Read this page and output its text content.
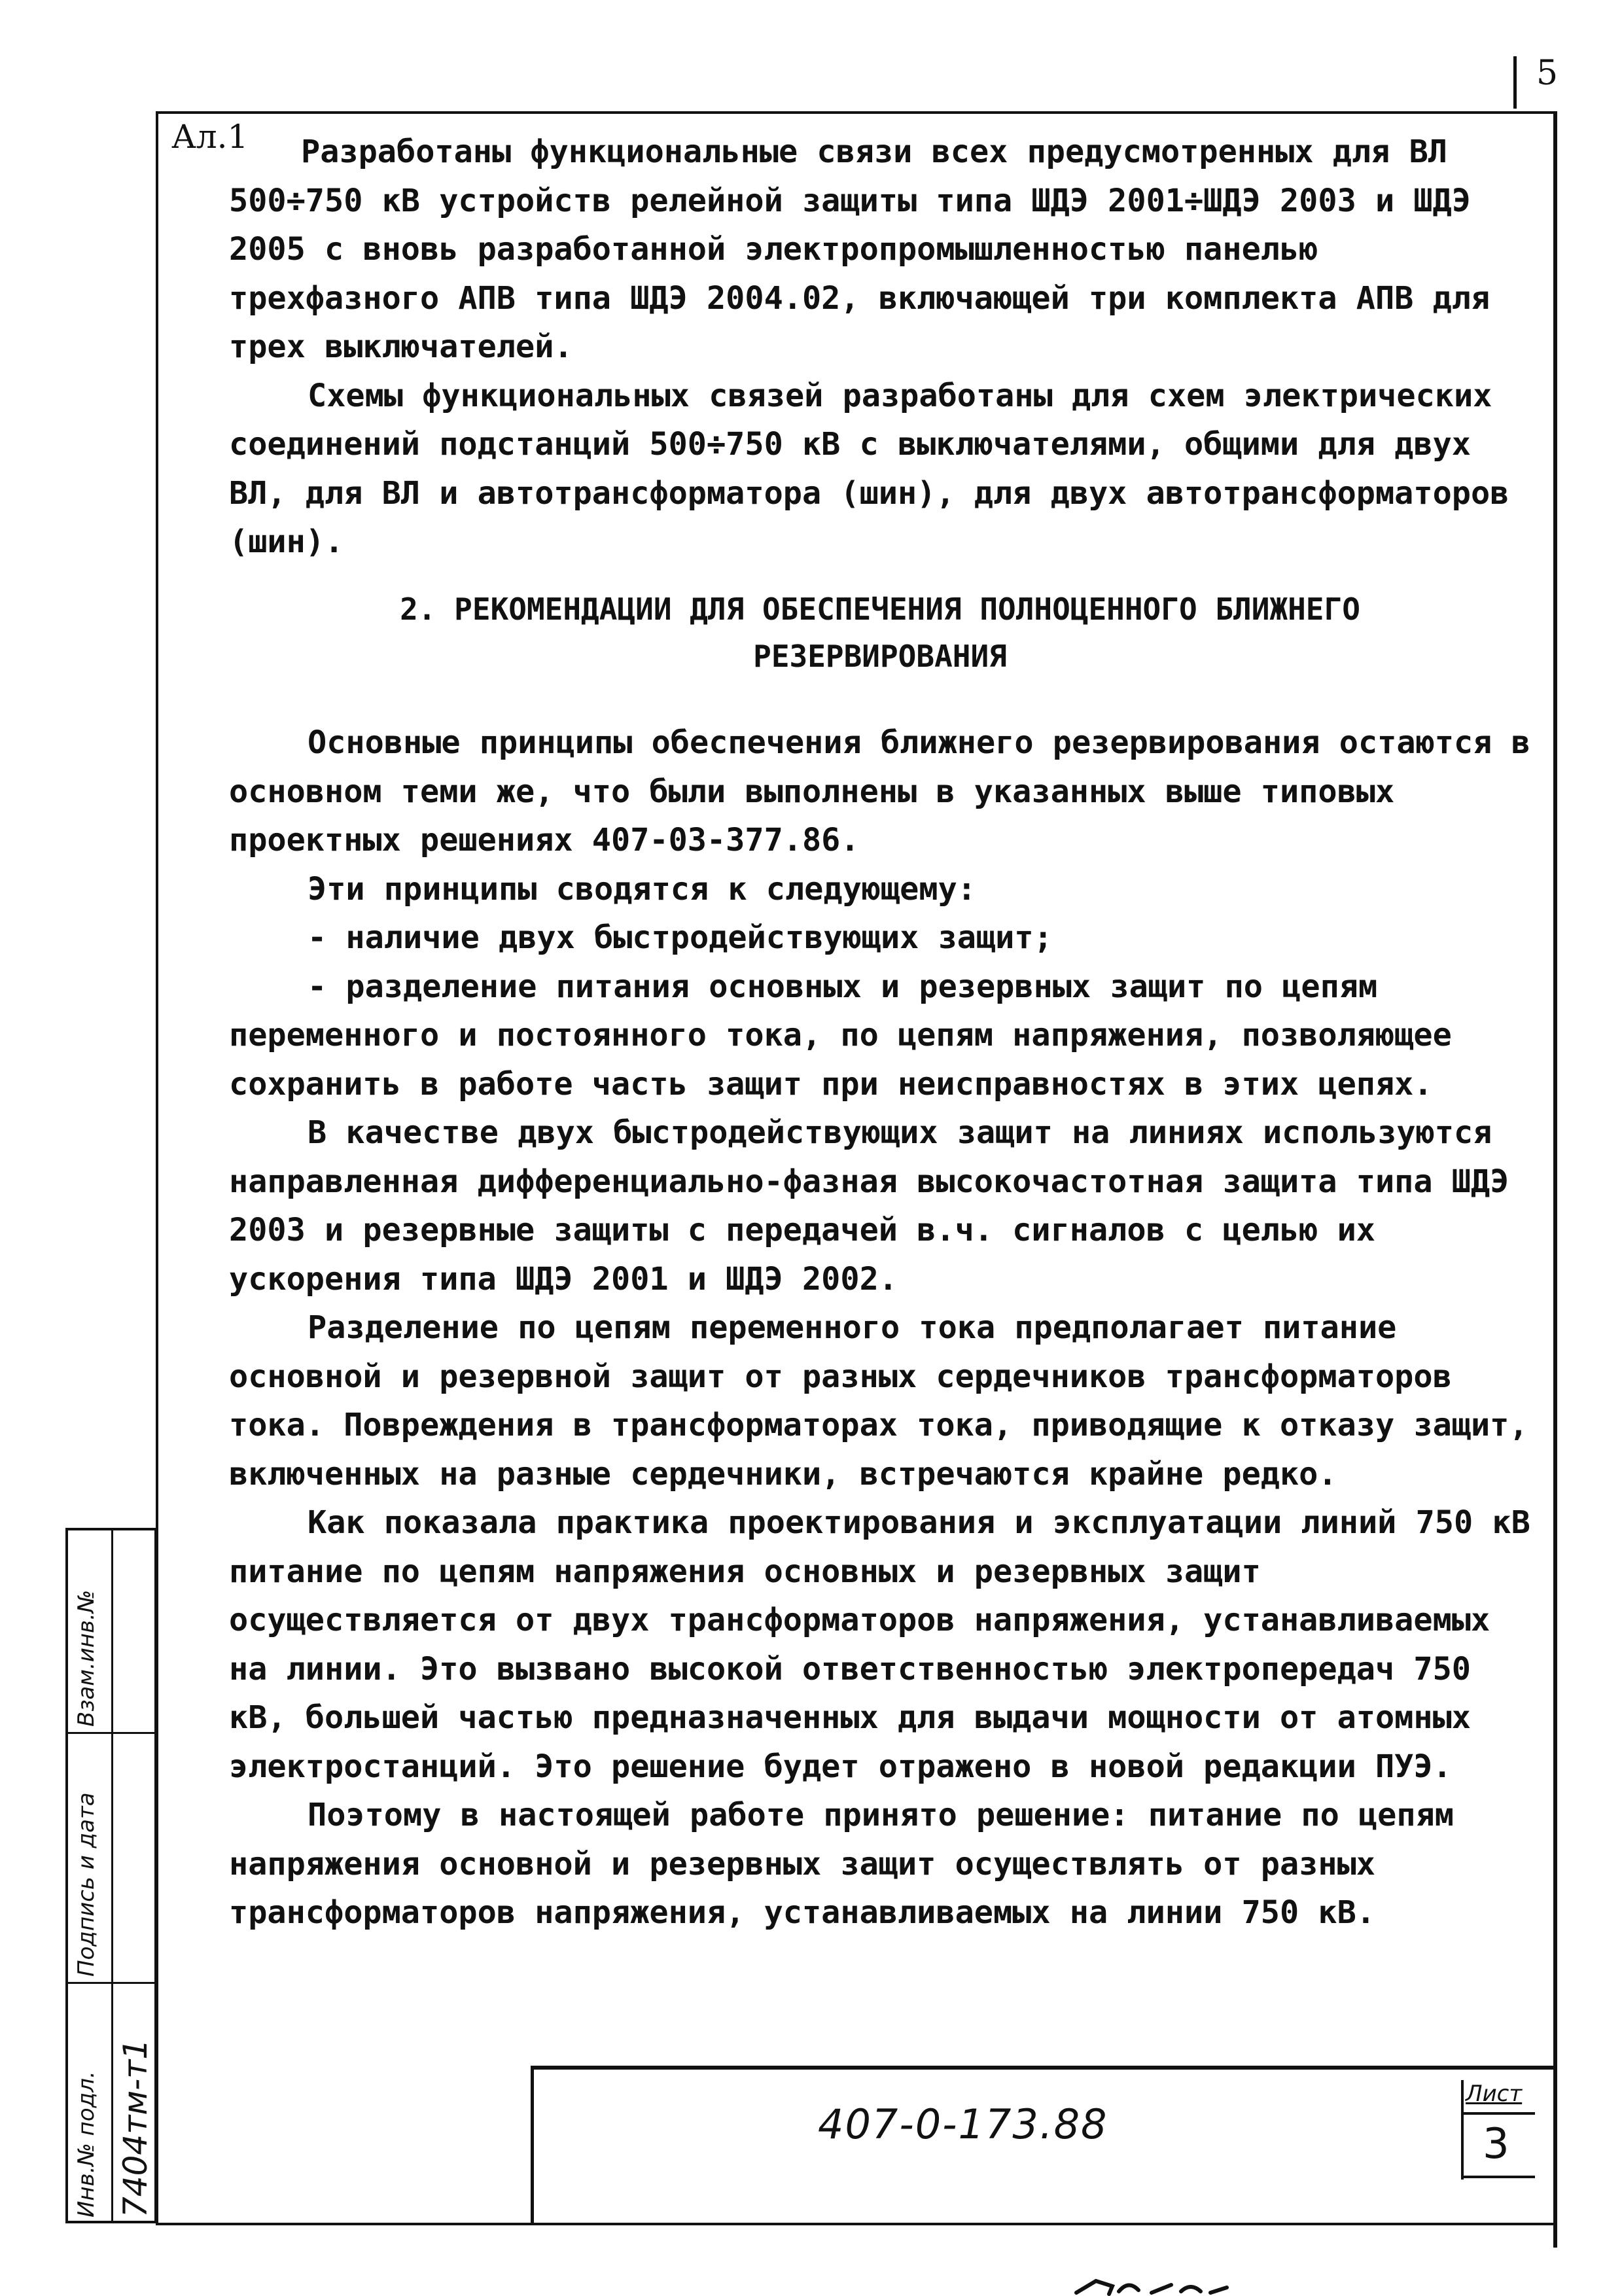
5
Ал.1	Разработаны функциональные связи всех предусмотренных для ВЛ 500÷750 кВ устройств релейной защиты типа ШДЭ 2001÷ШДЭ 2003 и ШДЭ 2005 с вновь разработанной электропромышленностью панелью трехфазного АПВ типа ШДЭ 2004.02, включающей три комплекта АПВ для трех выключателей.

Схемы функциональных связей разработаны для схем электрических соединений подстанций 500÷750 кВ с выключателями, общими для двух ВЛ, для ВЛ и автотрансформатора (шин), для двух автотрансформаторов (шин).

2. РЕКОМЕНДАЦИИ ДЛЯ ОБЕСПЕЧЕНИЯ ПОЛНОЦЕННОГО БЛИЖНЕГО
РЕЗЕРВИРОВАНИЯ

Основные принципы обеспечения ближнего резервирования остаются в основном теми же, что были выполнены в указанных выше типовых проектных решениях 407-03-377.86.

Эти принципы сводятся к следующему:

- наличие двух быстродействующих защит;

- разделение питания основных и резервных защит по цепям переменного и постоянного тока, по цепям напряжения, позволяющее сохранить в работе часть защит при неисправностях в этих цепях.

В качестве двух быстродействующих защит на линиях используются направленная дифференциально-фазная высокочастотная защита типа ШДЭ 2003 и резервные защиты с передачей в.ч. сигналов с целью их ускорения типа ШДЭ 2001 и ШДЭ 2002.

Разделение по цепям переменного тока предполагает питание основной и резервной защит от разных сердечников трансформаторов тока. Повреждения в трансформаторах тока, приводящие к отказу защит, включенных на разные сердечники, встречаются крайне редко.

Как показала практика проектирования и эксплуатации линий 750 кВ питание по цепям напряжения основных и резервных защит осуществляется от двух трансформаторов напряжения, устанавливаемых на линии. Это вызвано высокой ответственностью электропередач 750 кВ, большей частью предназначенных для выдачи мощности от атомных электростанций. Это решение будет отражено в новой редакции ПУЭ.

Поэтому в настоящей работе принято решение: питание по цепям напряжения основной и резервных защит осуществлять от разных трансформаторов напряжения, устанавливаемых на линии 750 кВ.

Взам.инв.№
Подпись и дата
Инв.№ подл. 7404тм-т1	407-0-173.88
Лист
3
